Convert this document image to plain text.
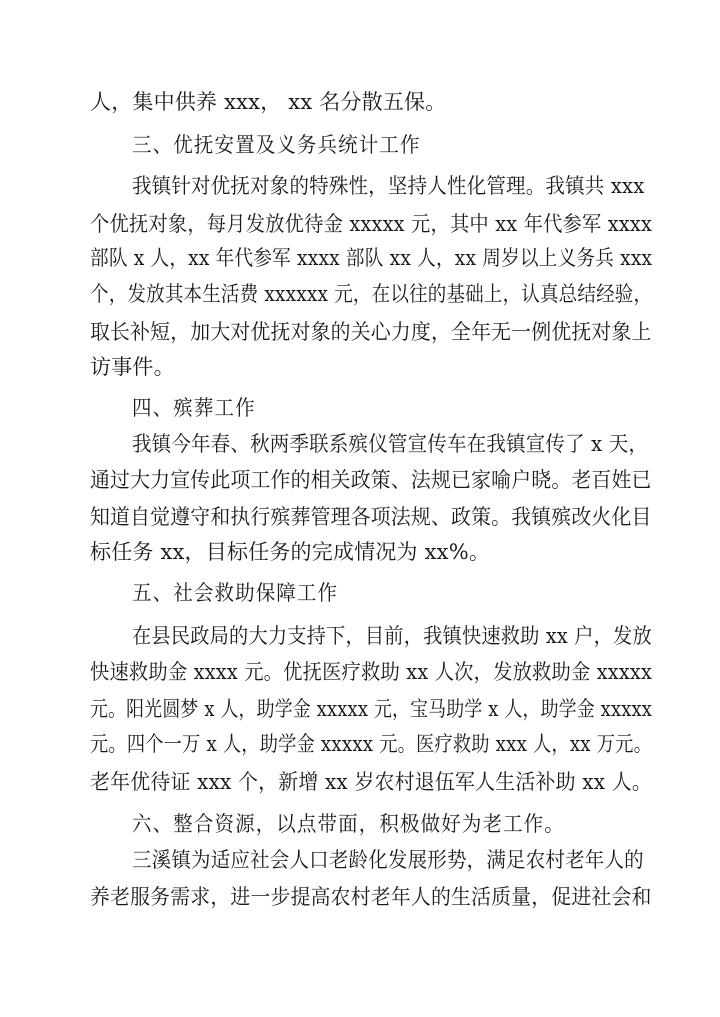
人，集中供养 xxx， xx 名分散五保。
三、优抚安置及义务兵统计工作
我镇针对优抚对象的特殊性，坚持人性化管理。我镇共 xxx
个优抚对象，每月发放优待金 xxxxx 元，其中 xx 年代参军 xxxx
部队 x 人，xx 年代参军 xxxx 部队 xx 人，xx 周岁以上义务兵 xxx
个，发放其本生活费 xxxxxx 元，在以往的基础上，认真总结经验，
取长补短，加大对优抚对象的关心力度，全年无一例优抚对象上
访事件。
四、殡葬工作
我镇今年春、秋两季联系殡仪管宣传车在我镇宣传了 x 天，
通过大力宣传此项工作的相关政策、法规已家喻户晓。老百姓已
知道自觉遵守和执行殡葬管理各项法规、政策。我镇殡改火化目
标任务 xx，目标任务的完成情况为 xx%。
五、社会救助保障工作
在县民政局的大力支持下，目前，我镇快速救助 xx 户，发放
快速救助金 xxxx 元。优抚医疗救助 xx 人次，发放救助金 xxxxx
元。阳光圆梦 x 人，助学金 xxxxx 元，宝马助学 x 人，助学金 xxxxx
元。四个一万 x 人，助学金 xxxxx 元。医疗救助 xxx 人，xx 万元。
老年优待证 xxx 个，新增 xx 岁农村退伍军人生活补助 xx 人。
六、整合资源，以点带面，积极做好为老工作。
三溪镇为适应社会人口老龄化发展形势，满足农村老年人的
养老服务需求，进一步提高农村老年人的生活质量，促进社会和
